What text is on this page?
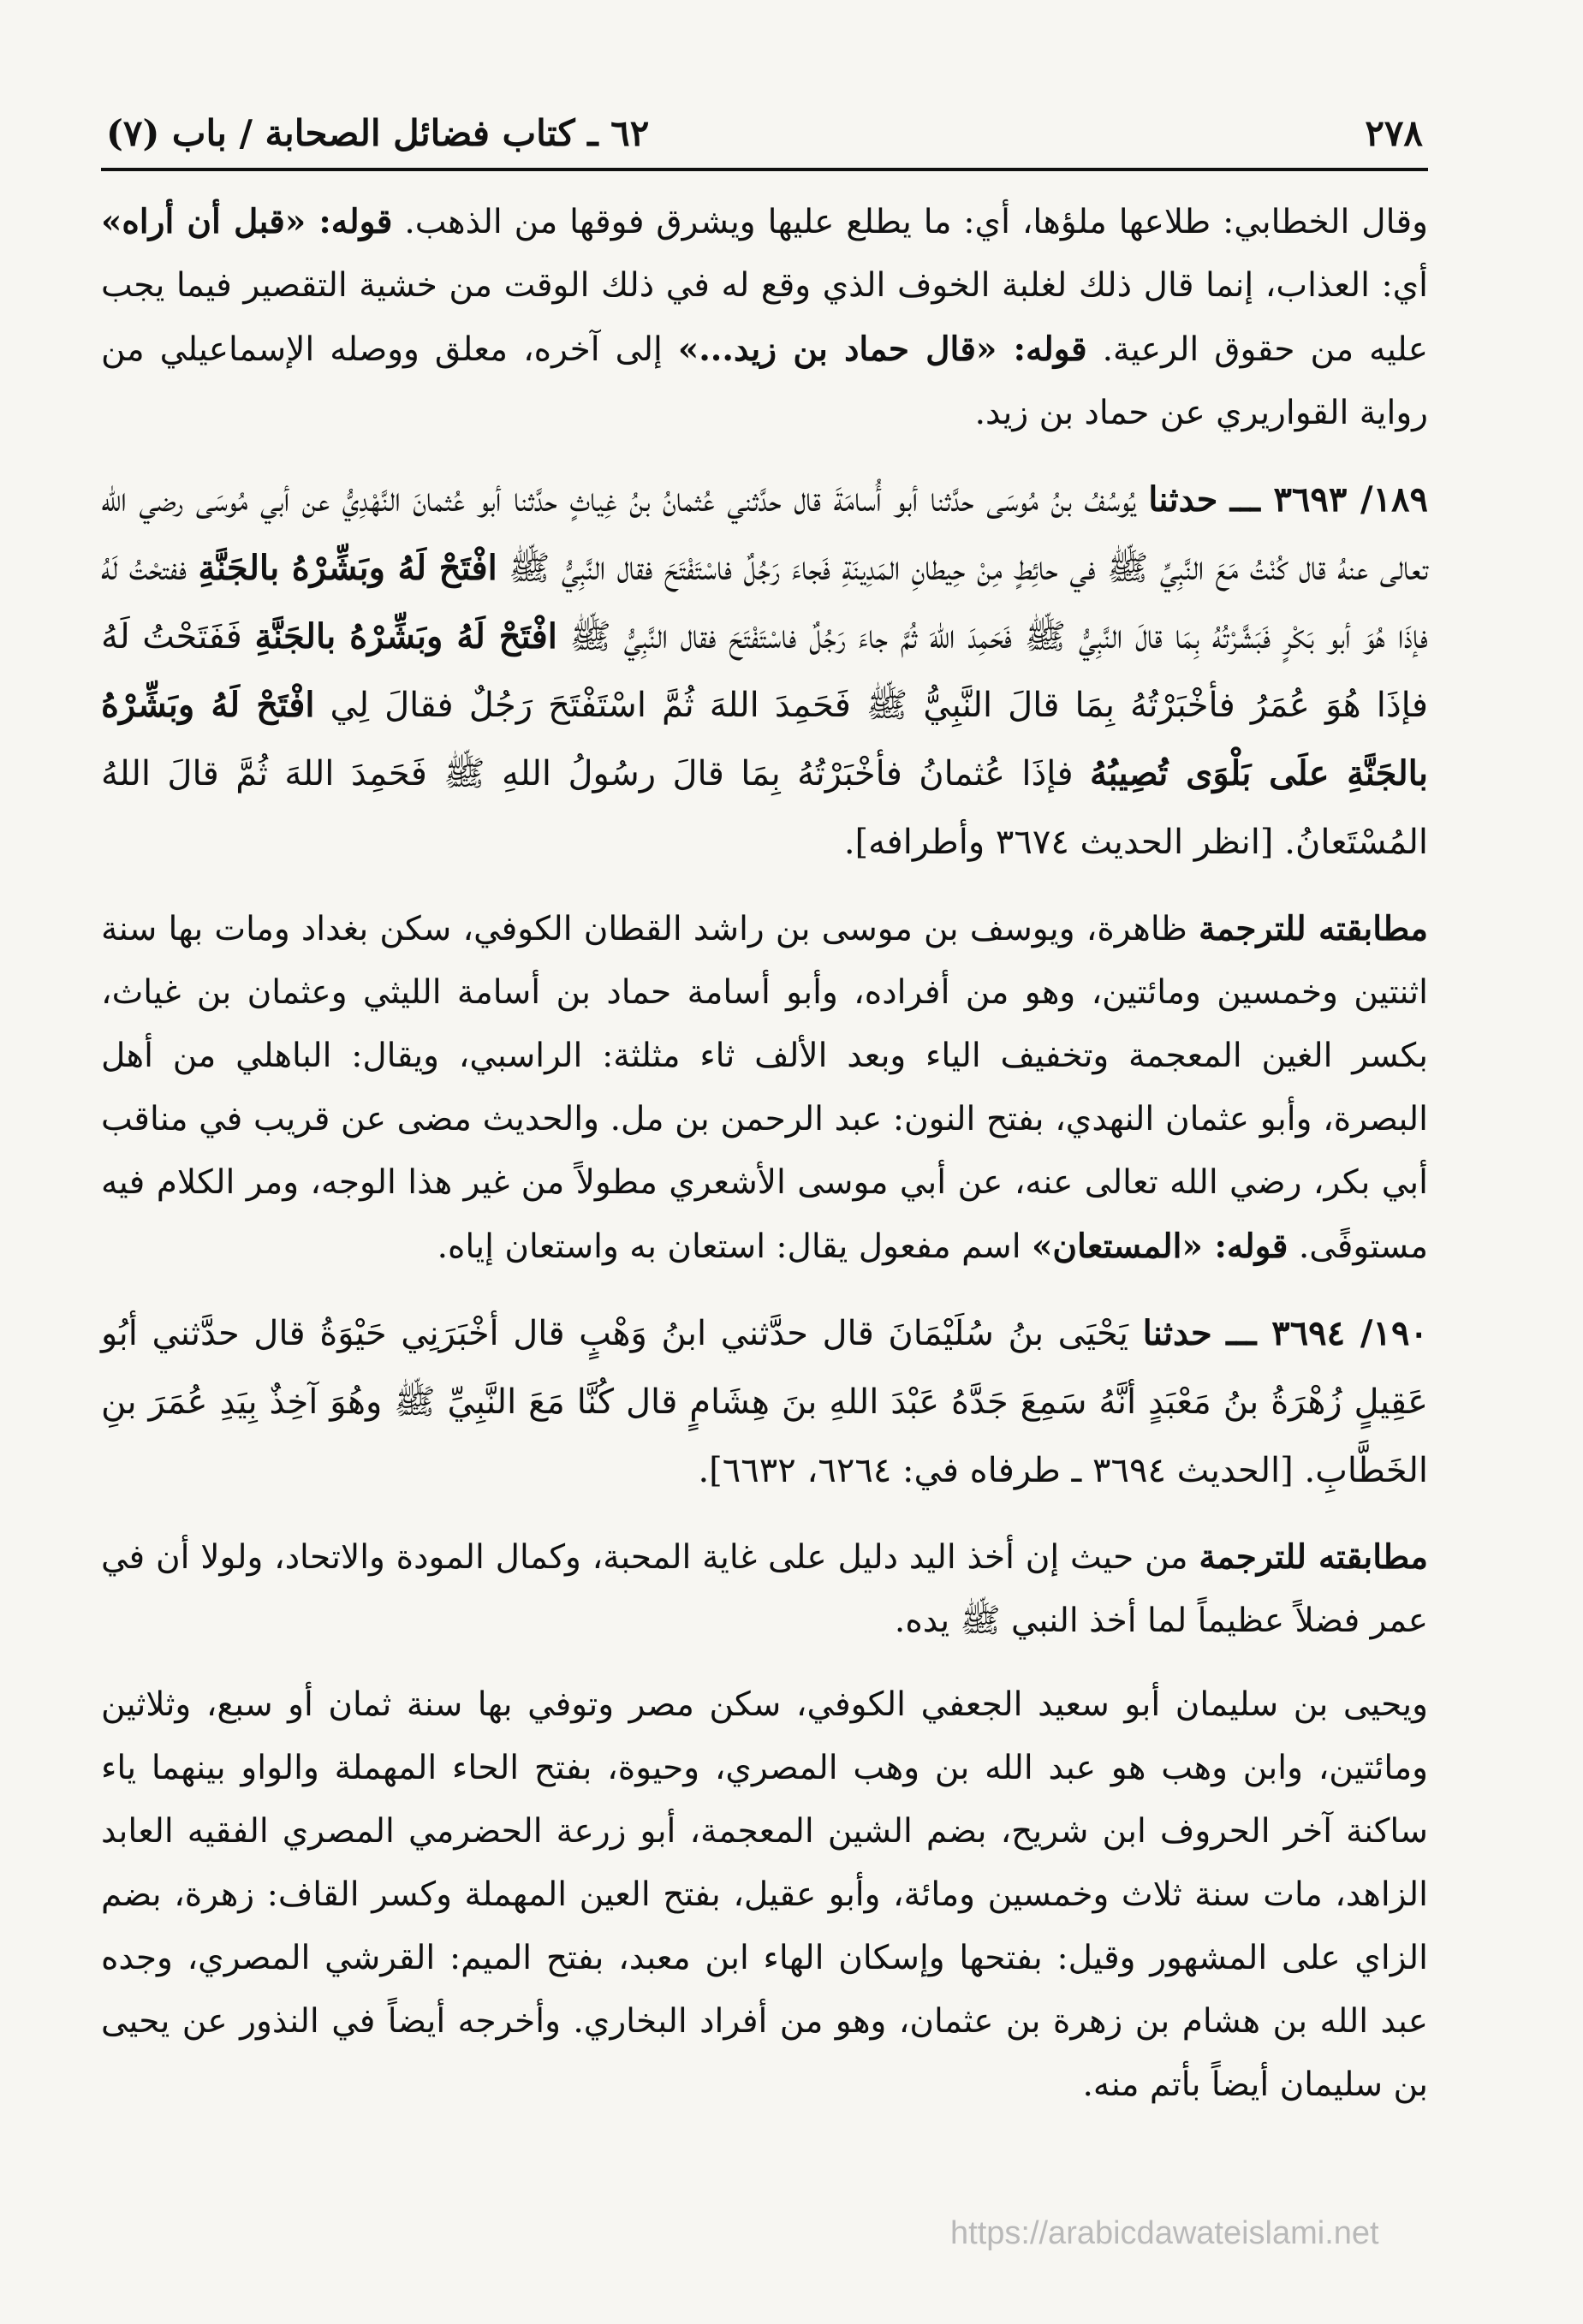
٢٧٨
٦٢ ـ كتاب فضائل الصحابة / باب (٧)

وقال الخطابي: طلاعها ملؤها، أي: ما يطلع عليها ويشرق فوقها من الذهب. قوله: «قبل أن أراه» أي: العذاب، إنما قال ذلك لغلبة الخوف الذي وقع له في ذلك الوقت من خشية التقصير فيما يجب عليه من حقوق الرعية. قوله: «قال حماد بن زيد...» إلى آخره، معلق ووصله الإسماعيلي من رواية القواريري عن حماد بن زيد.

١٨٩/ ٣٦٩٣ ـــ حدثنا يُوسُفُ بنُ مُوسَى حدَّثنا أبو أُسامَةَ قال حدَّثني عُثمانُ بنُ غِياثٍ حدَّثنا أبو عُثمانَ النَّهْدِيُّ عن أبي مُوسَى رضي الله تعالى عنهُ قال كُنْتُ مَعَ النَّبِيِّ ﷺ في حائِطٍ مِنْ حِيطانِ المَدِينَةِ فَجاءَ رَجُلٌ فاسْتَفْتَحَ فقال النَّبِيُّ ﷺ افْتَحْ لَهُ وبَشِّرْهُ بالجَنَّةِ ففتحْتُ لَهُ فإذَا هُوَ أبو بَكْرٍ فَبَشَّرْتُهُ بِمَا قالَ النَّبِيُّ ﷺ فَحَمِدَ اللهَ ثُمَّ جاءَ رَجُلٌ فاسْتَفْتَحَ فقال النَّبِيُّ ﷺ افْتَحْ لَهُ وبَشِّرْهُ بالجَنَّةِ فَفَتَحْتُ لَهُ فإذَا هُوَ عُمَرُ فأخْبَرْتُهُ بِمَا قالَ النَّبِيُّ ﷺ فَحَمِدَ اللهَ ثُمَّ اسْتَفْتَحَ رَجُلٌ فقالَ لِي افْتَحْ لَهُ وبَشِّرْهُ بالجَنَّةِ علَى بَلْوَى تُصِيبُهُ فإذَا عُثمانُ فأخْبَرْتُهُ بِمَا قالَ رسُولُ اللهِ ﷺ فَحَمِدَ اللهَ ثُمَّ قالَ اللهُ المُسْتَعانُ. [انظر الحديث ٣٦٧٤ وأطرافه].

مطابقته للترجمة ظاهرة، ويوسف بن موسى بن راشد القطان الكوفي، سكن بغداد ومات بها سنة اثنتين وخمسين ومائتين، وهو من أفراده، وأبو أسامة حماد بن أسامة الليثي وعثمان بن غياث، بكسر الغين المعجمة وتخفيف الياء وبعد الألف ثاء مثلثة: الراسبي، ويقال: الباهلي من أهل البصرة، وأبو عثمان النهدي، بفتح النون: عبد الرحمن بن مل. والحديث مضى عن قريب في مناقب أبي بكر، رضي الله تعالى عنه، عن أبي موسى الأشعري مطولاً من غير هذا الوجه، ومر الكلام فيه مستوفًى. قوله: «المستعان» اسم مفعول يقال: استعان به واستعان إياه.

١٩٠/ ٣٦٩٤ ـــ حدثنا يَحْيَى بنُ سُلَيْمَانَ قال حدَّثني ابنُ وَهْبٍ قال أخْبَرَنِي حَيْوَةُ قال حدَّثني أبُو عَقِيلٍ زُهْرَةُ بنُ مَعْبَدٍ أنَّهُ سَمِعَ جَدَّهُ عَبْدَ اللهِ بنَ هِشَامٍ قال كُنَّا مَعَ النَّبِيِّ ﷺ وهُوَ آخِذٌ بِيَدِ عُمَرَ بنِ الخَطَّابِ. [الحديث ٣٦٩٤ ـ طرفاه في: ٦٢٦٤، ٦٦٣٢].

مطابقته للترجمة من حيث إن أخذ اليد دليل على غاية المحبة، وكمال المودة والاتحاد، ولولا أن في عمر فضلاً عظيماً لما أخذ النبي ﷺ يده.

ويحيى بن سليمان أبو سعيد الجعفي الكوفي، سكن مصر وتوفي بها سنة ثمان أو سبع، وثلاثين ومائتين، وابن وهب هو عبد الله بن وهب المصري، وحيوة، بفتح الحاء المهملة والواو بينهما ياء ساكنة آخر الحروف ابن شريح، بضم الشين المعجمة، أبو زرعة الحضرمي المصري الفقيه العابد الزاهد، مات سنة ثلاث وخمسين ومائة، وأبو عقيل، بفتح العين المهملة وكسر القاف: زهرة، بضم الزاي على المشهور وقيل: بفتحها وإسكان الهاء ابن معبد، بفتح الميم: القرشي المصري، وجده عبد الله بن هشام بن زهرة بن عثمان، وهو من أفراد البخاري. وأخرجه أيضاً في النذور عن يحيى بن سليمان أيضاً بأتم منه.

https://arabicdawateislami.net
